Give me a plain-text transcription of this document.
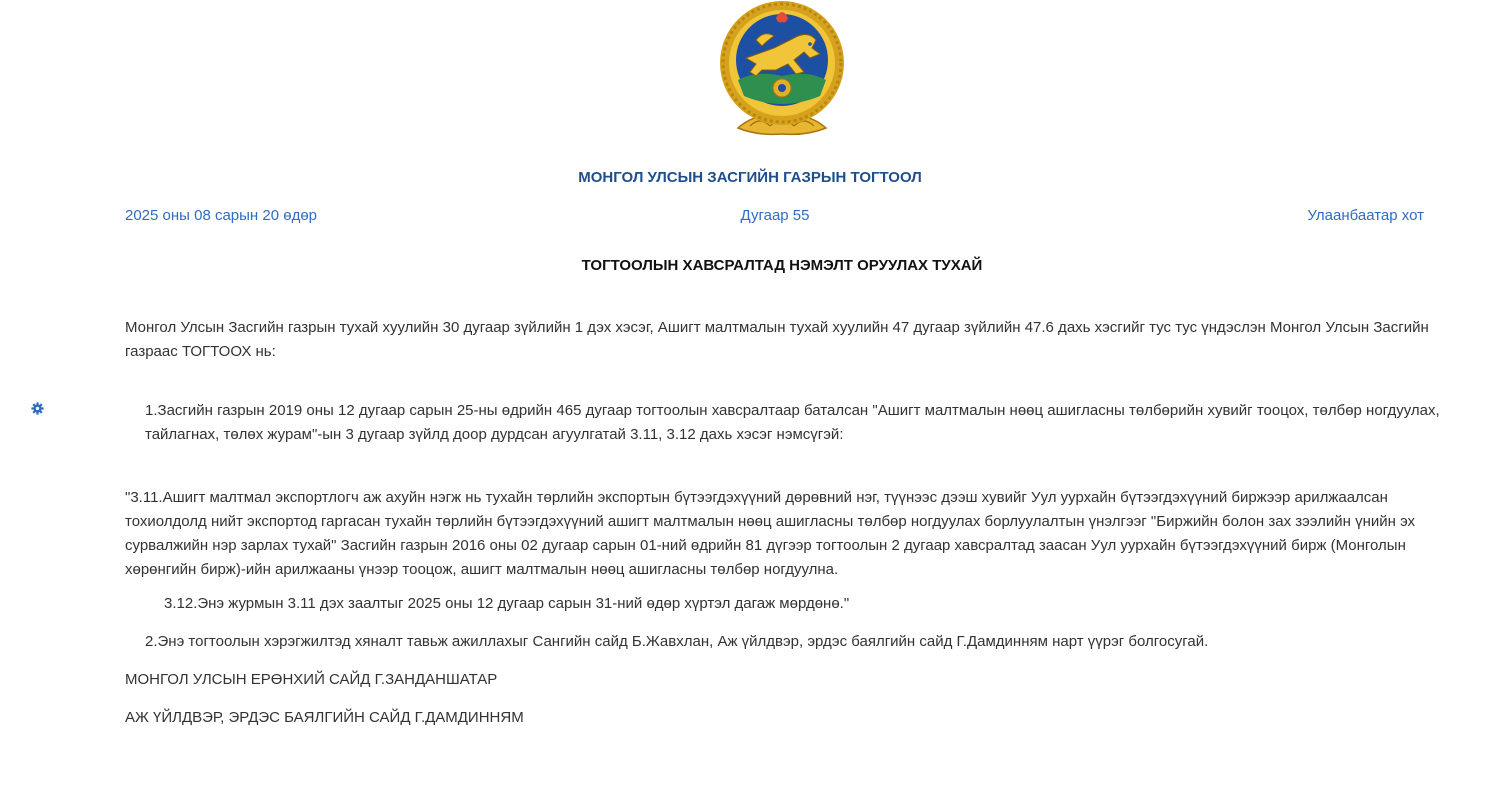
МОНГОЛ УЛСЫН ЗАСГИЙН ГАЗРЫН ТОГТООЛ
2025 оны 08 сарын 20 өдөр	Дугаар 55	Улаанбаатар хот
ТОГТООЛЫН ХАВСРАЛТАД НЭМЭЛТ ОРУУЛАХ ТУХАЙ
Монгол Улсын Засгийн газрын тухай хуулийн 30 дугаар зүйлийн 1 дэх хэсэг, Ашигт малтмалын тухай хуулийн 47 дугаар зүйлийн 47.6 дахь хэсгийг тус тус үндэслэн Монгол Улсын Засгийн газраас ТОГТООХ нь:
1.Засгийн газрын 2019 оны 12 дугаар сарын 25-ны өдрийн 465 дугаар тогтоолын хавсралтаар баталсан "Ашигт малтмалын нөөц ашигласны төлбөрийн хувийг тооцох, төлбөр ногдуулах, тайлагнах, төлөх журам"-ын 3 дугаар зүйлд доор дурдсан агуулгатай 3.11, 3.12 дахь хэсэг нэмсүгэй:
"3.11.Ашигт малтмал экспортлогч аж ахуйн нэгж нь тухайн төрлийн экспортын бүтээгдэхүүний дөрөвний нэг, түүнээс дээш хувийг Уул уурхайн бүтээгдэхүүний биржээр арилжаалсан тохиолдолд нийт экспортод гаргасан тухайн төрлийн бүтээгдэхүүний ашигт малтмалын нөөц ашигласны төлбөр ногдуулах борлуулалтын үнэлгээг "Биржийн болон зах зээлийн үнийн эх сурвалжийн нэр зарлах тухай" Засгийн газрын 2016 оны 02 дугаар сарын 01-ний өдрийн 81 дүгээр тогтоолын 2 дугаар хавсралтад заасан Уул уурхайн бүтээгдэхүүний бирж (Монголын хөрөнгийн бирж)-ийн арилжааны үнээр тооцож, ашигт малтмалын нөөц ашигласны төлбөр ногдуулна.
3.12.Энэ журмын 3.11 дэх заалтыг 2025 оны 12 дугаар сарын 31-ний өдөр хүртэл дагаж мөрдөнө."
2.Энэ тогтоолын хэрэгжилтэд хяналт тавьж ажиллахыг Сангийн сайд Б.Жавхлан, Аж үйлдвэр, эрдэс баялгийн сайд Г.Дамдинням нарт үүрэг болгосугай.
МОНГОЛ УЛСЫН ЕРӨНХИЙ САЙД Г.ЗАНДАНШАТАР
АЖ ҮЙЛДВЭР, ЭРДЭС БАЯЛГИЙН САЙД Г.ДАМДИННЯМ
